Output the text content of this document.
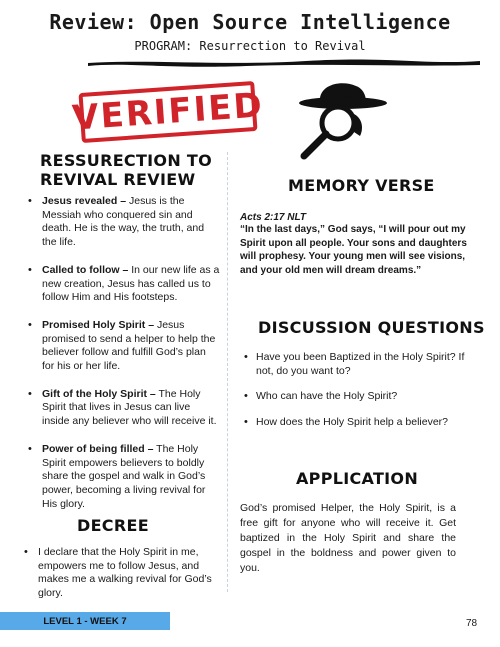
Review: Open Source Intelligence
PROGRAM: Resurrection to Revival
VERIFIED
RESSURECTION TO REVIVAL REVIEW
• Jesus revealed – Jesus is the Messiah who conquered sin and death. He is the way, the truth, and the life.
• Called to follow – In our new life as a new creation, Jesus has called us to follow Him and His footsteps.
• Promised Holy Spirit – Jesus promised to send a helper to help the believer follow and fulfill God’s plan for his or her life.
• Gift of the Holy Spirit – The Holy Spirit that lives in Jesus can live inside any believer who will receive it.
• Power of being filled – The Holy Spirit empowers believers to boldly share the gospel and walk in God’s power, becoming a living revival for His glory.
DECREE
• I declare that the Holy Spirit in me, empowers me to follow Jesus, and makes me a walking revival for God’s glory.
MEMORY VERSE
Acts 2:17 NLT
“In the last days,” God says, “I will pour out my Spirit upon all people. Your sons and daughters will prophesy. Your young men will see visions, and your old men will dream dreams.”
DISCUSSION QUESTIONS
• Have you been Baptized in the Holy Spirit? If not, do you want to?
• Who can have the Holy Spirit?
• How does the Holy Spirit help a believer?
APPLICATION
God’s promised Helper, the Holy Spirit, is a free gift for anyone who will receive it. Get baptized in the Holy Spirit and share the gospel in the boldness and power given to you.
LEVEL 1 - WEEK 7	78
